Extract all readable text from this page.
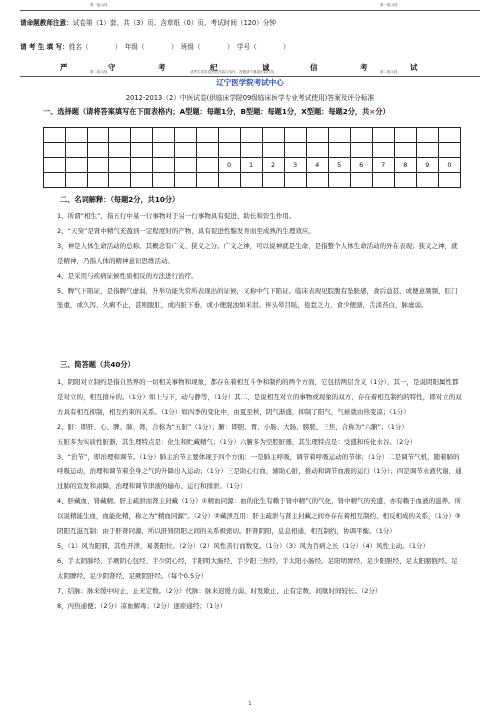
第一组示线	第一组示线
请命题教师注意：试卷第（1）套、共（3）页、含草纸（0）页、考试时间（120）分钟
请 考 生 填 写：姓名（　　　　）　年级（　　　　）　班级（　　　　）　学号（　　　　）
严	守	考	纪	诚	信	考	试
第二组示线	请考生将答卷密封在装订线内，答题请不要超出装订线	第二组示线
辽宁医学院考试中心
2012-2013（2）中医试卷(供临床学院09级临床医学专业考试使用)答案及评分标准
一、选择题（请将答案填写在下面表格内；A型题：每题1分，B型题：每题1分，X型题：每题2分，共×分）

								0	1	2	3	4	5	6	7	8	9	0

二、名词解释：（每题2分，共10分）

1、所谓“相生”，指五行中某一行事物对于另一行事物具有促进、助长和资生作用。

2、“天癸”是肾中精气充盈到一定程度时的产物，具有促进性腺发育而至成熟的生理效应。

3、神是人体生命活动的总称。其概念有广义、狭义之分。广义之神，可以说神就是生命，是指整个人体生命活动的外在表现；狭义之神，就是精神，乃指人体的精神意识思维活动。

4、是采用与疾病证候性质相反的方法进行治疗。

5、脾气下陷证，是指脾气虚弱，升举功能失常所表现出的证候，又称中气下陷证。临床表现见脘腹有坠胀感，食后益甚，或便意频频，肛门坠重，或久泻、久痢不止，甚则脱肛，或内脏下垂，或小便混浊如米泔。伴头晕目眩，倦怠乏力，食少便溏，舌淡苔白，脉虚弱。

三、简答题（共40分）

1、阴阳对立制约是指自然界的一切相关事物和现象，都存在着相互斗争和制约的两个方面，它包括两层含义（1分），其一，是说阴阳属性都是对立的，相互排斥的。（1分）如上与下，动与静等，（1分）其二，是说相互对立的事物或现象的双方，存在着相互制约的特性，即对立的双方具有相互抑制，相互约束的关系。（1分）如四季的变化中，由夏至秋，阴气渐盛，抑制了阳气，气候就由热变凉；（1分）

2、脏：即肝、心、脾、肺、肾，合称为“五脏”（1分）；腑：即胆、胃、小肠、大肠、膀胱、三焦，合称为“六腑”；（1分）

五脏多为实质性脏器，其生理特点是：化生和贮藏精气；（1分）六腑多为空腔脏器，其生理特点是：受盛和传化水谷。（2分）

3、“治节”，即治理和调节。（1分）肺主治节主要体现于四个方面：一是肺主呼吸，调节着呼吸运动的节律；（1分）二是调节气机，随着肺的呼吸运动，治理和调节着全身之气的升降出入运动；（1分）三是助心行血，辅助心脏，推动和调节血液的运行（1分）；四是调节水液代谢，通过肺的宣发和肃降，治理和调节津液的输布、运行和排泄。（1分）

4、肝藏血，肾藏精。肝主疏泄而肾主封藏（1分）①精血同源：血的化生有赖于肾中精气的气化，肾中精气的充盛，亦有赖于血液的滋养。所以说精能生血，血能化精，称之为“精血同源”。（2分）②藏泄互用：肝主疏泄与肾主封藏之间亦存在着相互制约、相反相成的关系，（1分）③阴阳互滋互制：由于肝肾同源，所以肝肾阴阳之间的关系极密切。肝肾阴阳，息息相通，相互制约，协调平衡。（1分）

5、（1）风为阳邪，其性开泄，易袭阳位。（2分）（2）风性善行而数变。（1分）（3）风为百病之长（1分）（4）风性主动。（1分）

6、手太阴肺经、手厥阴心包经、手少阴心经，手阳明大肠经、手少阳三焦经、手太阳小肠经。足阳明胃经、足少阳胆经、足太阳膀胱经。足太阴脾经、足少阴肾经、足厥阴肝经。（每个0.5分）

7、结脉：脉来缓中时止，止无定数。（2分）代脉：脉来迟缓力弱，时发歇止，止有定数，间歇时间较长。（2分）

8、丙热通便；（2分）凉血解毒；（2分）逐瘀通经；（1分）

1
